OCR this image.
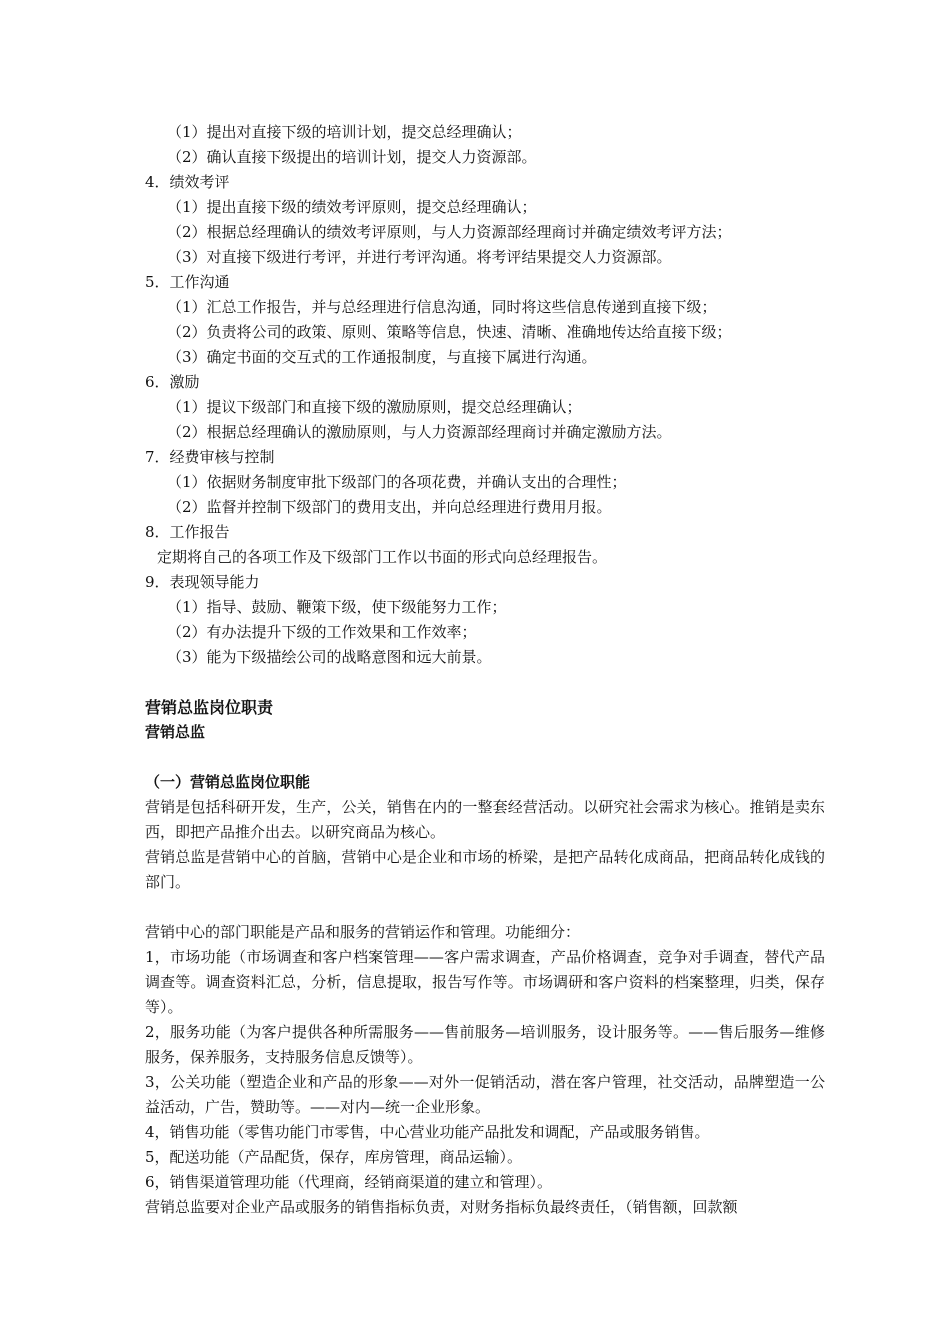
（1）提出对直接下级的培训计划，提交总经理确认；
（2）确认直接下级提出的培训计划，提交人力资源部。
4．绩效考评
（1）提出直接下级的绩效考评原则，提交总经理确认；
（2）根据总经理确认的绩效考评原则，与人力资源部经理商讨并确定绩效考评方法；
（3）对直接下级进行考评，并进行考评沟通。将考评结果提交人力资源部。
5．工作沟通
（1）汇总工作报告，并与总经理进行信息沟通，同时将这些信息传递到直接下级；
（2）负责将公司的政策、原则、策略等信息，快速、清晰、准确地传达给直接下级；
（3）确定书面的交互式的工作通报制度，与直接下属进行沟通。
6．激励
（1）提议下级部门和直接下级的激励原则，提交总经理确认；
（2）根据总经理确认的激励原则，与人力资源部经理商讨并确定激励方法。
7．经费审核与控制
（1）依据财务制度审批下级部门的各项花费，并确认支出的合理性；
（2）监督并控制下级部门的费用支出，并向总经理进行费用月报。
8．工作报告
定期将自己的各项工作及下级部门工作以书面的形式向总经理报告。
9．表现领导能力
（1）指导、鼓励、鞭策下级，使下级能努力工作；
（2）有办法提升下级的工作效果和工作效率；
（3）能为下级描绘公司的战略意图和远大前景。
营销总监岗位职责
营销总监
（一）营销总监岗位职能
营销是包括科研开发，生产，公关，销售在内的一整套经营活动。以研究社会需求为核心。推销是卖东西，即把产品推介出去。以研究商品为核心。
营销总监是营销中心的首脑，营销中心是企业和市场的桥梁，是把产品转化成商品，把商品转化成钱的部门。
营销中心的部门职能是产品和服务的营销运作和管理。功能细分：
1，市场功能（市场调查和客户档案管理——客户需求调查，产品价格调查，竞争对手调查，替代产品调查等。调查资料汇总，分析，信息提取，报告写作等。市场调研和客户资料的档案整理，归类，保存等）。
2，服务功能（为客户提供各种所需服务——售前服务—培训服务，设计服务等。——售后服务—维修服务，保养服务，支持服务信息反馈等）。
3，公关功能（塑造企业和产品的形象——对外一促销活动，潜在客户管理，社交活动，品牌塑造一公益活动，广告，赞助等。——对内—统一企业形象。
4，销售功能（零售功能门市零售，中心营业功能产品批发和调配，产品或服务销售。
5，配送功能（产品配货，保存，库房管理，商品运输）。
6，销售渠道管理功能（代理商，经销商渠道的建立和管理）。
营销总监要对企业产品或服务的销售指标负责，对财务指标负最终责任，（销售额，回款额
